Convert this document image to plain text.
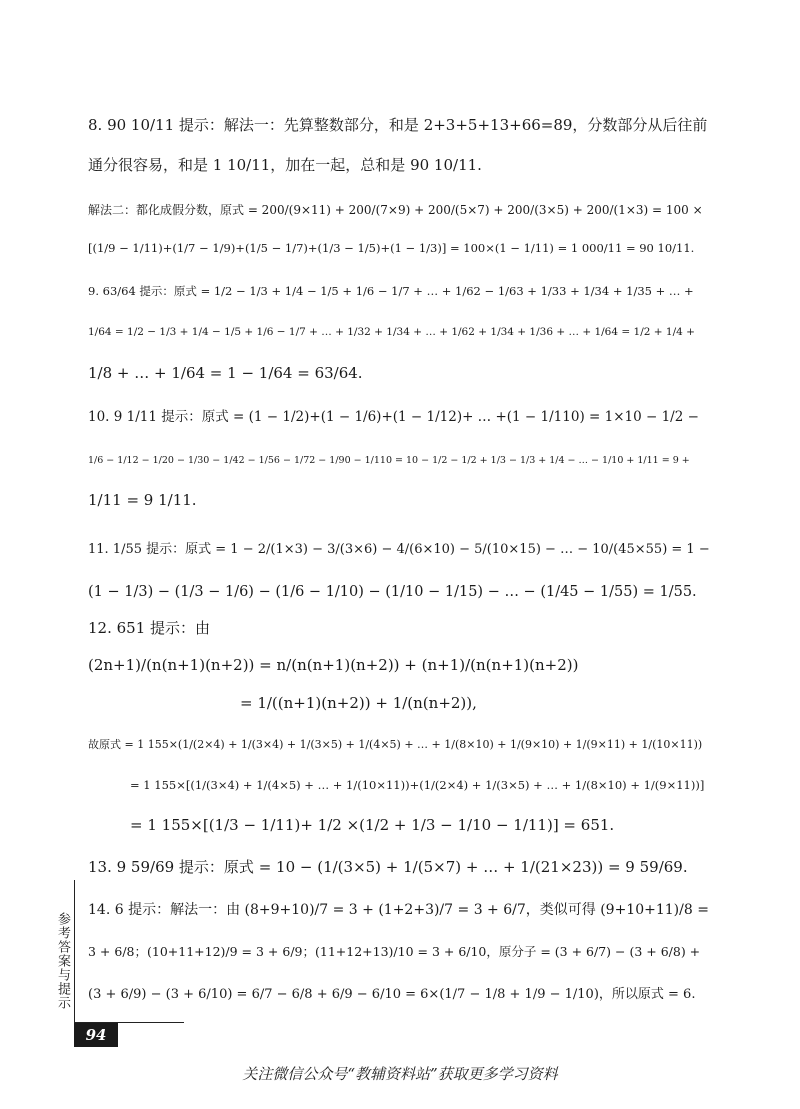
8. 90 10/11 提示：解法一：先算整数部分，和是 2+3+5+13+66=89，分数部分从后往前
通分很容易，和是 1 10/11，加在一起，总和是 90 10/11.
解法二：都化成假分数，原式 = 200/(9×11) + 200/(7×9) + 200/(5×7) + 200/(3×5) + 200/(1×3) = 100 ×
[(1/9 − 1/11)+(1/7 − 1/9)+(1/5 − 1/7)+(1/3 − 1/5)+(1 − 1/3)] = 100×(1 − 1/11) = 1 000/11 = 90 10/11.
9. 63/64 提示：原式 = 1/2 − 1/3 + 1/4 − 1/5 + 1/6 − 1/7 + … + 1/62 − 1/63 + 1/33 + 1/34 + 1/35 + … +
1/64 = 1/2 − 1/3 + 1/4 − 1/5 + 1/6 − 1/7 + … + 1/32 + 1/34 + … + 1/62 + 1/34 + 1/36 + … + 1/64 = 1/2 + 1/4 +
1/8 + … + 1/64 = 1 − 1/64 = 63/64.
10. 9 1/11 提示：原式 = (1 − 1/2)+(1 − 1/6)+(1 − 1/12)+ … +(1 − 1/110) = 1×10 − 1/2 −
1/6 − 1/12 − 1/20 − 1/30 − 1/42 − 1/56 − 1/72 − 1/90 − 1/110 = 10 − 1/2 − 1/2 + 1/3 − 1/3 + 1/4 − … − 1/10 + 1/11 = 9 +
1/11 = 9 1/11.
11. 1/55 提示：原式 = 1 − 2/(1×3) − 3/(3×6) − 4/(6×10) − 5/(10×15) − … − 10/(45×55) = 1 −
(1 − 1/3) − (1/3 − 1/6) − (1/6 − 1/10) − (1/10 − 1/15) − … − (1/45 − 1/55) = 1/55.
12. 651 提示：由
(2n+1)/(n(n+1)(n+2)) = n/(n(n+1)(n+2)) + (n+1)/(n(n+1)(n+2))
= 1/((n+1)(n+2)) + 1/(n(n+2)),
故原式 = 1 155×(1/(2×4) + 1/(3×4) + 1/(3×5) + 1/(4×5) + … + 1/(8×10) + 1/(9×10) + 1/(9×11) + 1/(10×11))
= 1 155×[(1/(3×4) + 1/(4×5) + … + 1/(10×11))+(1/(2×4) + 1/(3×5) + … + 1/(8×10) + 1/(9×11))]
= 1 155×[(1/3 − 1/11)+ 1/2 ×(1/2 + 1/3 − 1/10 − 1/11)] = 651.
13. 9 59/69 提示：原式 = 10 − (1/(3×5) + 1/(5×7) + … + 1/(21×23)) = 9 59/69.
14. 6 提示：解法一：由 (8+9+10)/7 = 3 + (1+2+3)/7 = 3 + 6/7，类似可得 (9+10+11)/8 =
3 + 6/8；(10+11+12)/9 = 3 + 6/9；(11+12+13)/10 = 3 + 6/10，原分子 = (3 + 6/7) − (3 + 6/8) +
(3 + 6/9) − (3 + 6/10) = 6/7 − 6/8 + 6/9 − 6/10 = 6×(1/7 − 1/8 + 1/9 − 1/10)，所以原式 = 6.
参考答案与提示
94
关注微信公众号“教辅资料站”获取更多学习资料
